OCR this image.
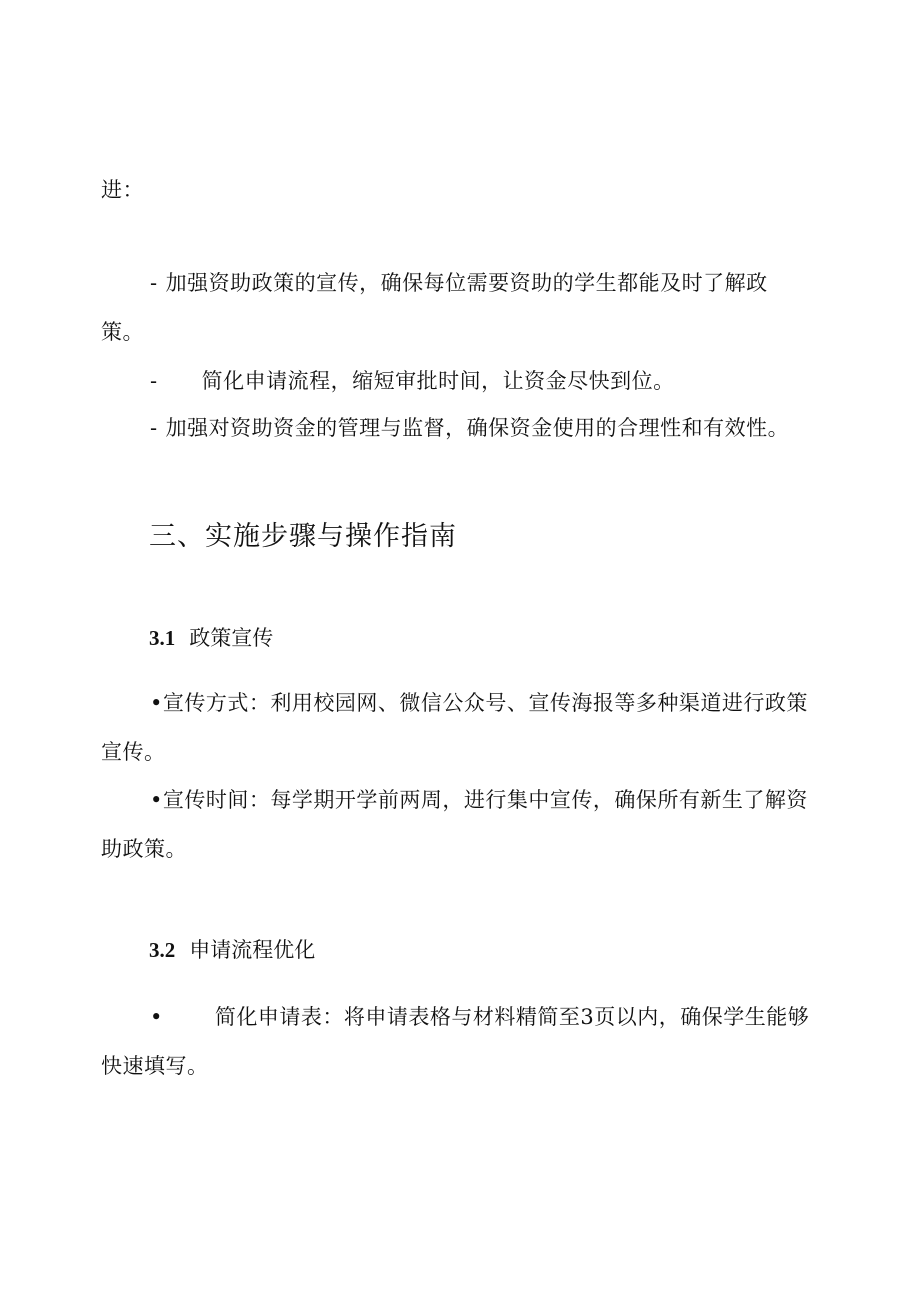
进：
- 加强资助政策的宣传，确保每位需要资助的学生都能及时了解政
策。
- 简化申请流程，缩短审批时间，让资金尽快到位。
- 加强对资助资金的管理与监督，确保资金使用的合理性和有效性。
三、实施步骤与操作指南
3.1 政策宣传
•宣传方式：利用校园网、微信公众号、宣传海报等多种渠道进行政策
宣传。
•宣传时间：每学期开学前两周，进行集中宣传，确保所有新生了解资
助政策。
3.2 申请流程优化
• 简化申请表：将申请表格与材料精简至3页以内，确保学生能够
快速填写。
